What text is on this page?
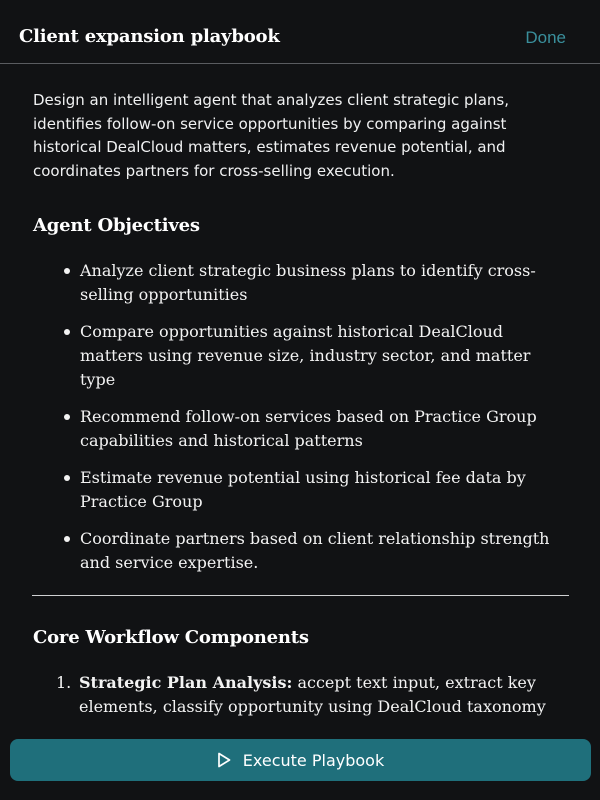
Client expansion playbook	Done

Design an intelligent agent that analyzes client strategic plans, identifies follow-on service opportunities by comparing against historical DealCloud matters, estimates revenue potential, and coordinates partners for cross-selling execution.

Agent Objectives
Analyze client strategic business plans to identify cross-selling opportunities
Compare opportunities against historical DealCloud matters using revenue size, industry sector, and matter type
Recommend follow-on services based on Practice Group capabilities and historical patterns
Estimate revenue potential using historical fee data by Practice Group
Coordinate partners based on client relationship strength and service expertise.
Core Workflow Components
1. Strategic Plan Analysis: accept text input, extract key elements, classify opportunity using DealCloud taxonomy
Execute Playbook
